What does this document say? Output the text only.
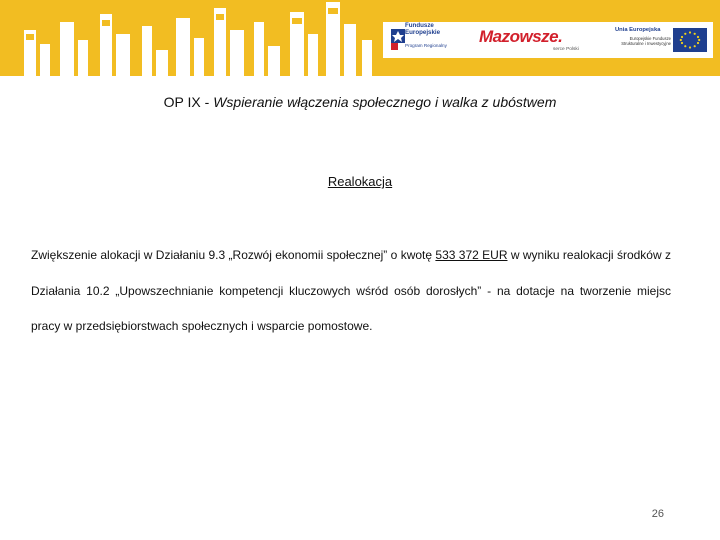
Fundusze
Europejskie
Program Regionalny Mazowsze.
serce Polski
Unia Europejska
Europejskie Fundusze
Strukturalne i Inwestycyjne
OP IX - Wspieranie włączenia społecznego i walka z ubóstwem
Realokacja
Zwiększenie alokacji w Działaniu 9.3 „Rozwój ekonomii społecznej” o kwotę 533 372 EUR w wyniku realokacji środków z Działania 10.2 „Upowszechnianie kompetencji kluczowych wśród osób dorosłych” - na dotacje na tworzenie miejsc pracy w przedsiębiorstwach społecznych i wsparcie pomostowe.
26
